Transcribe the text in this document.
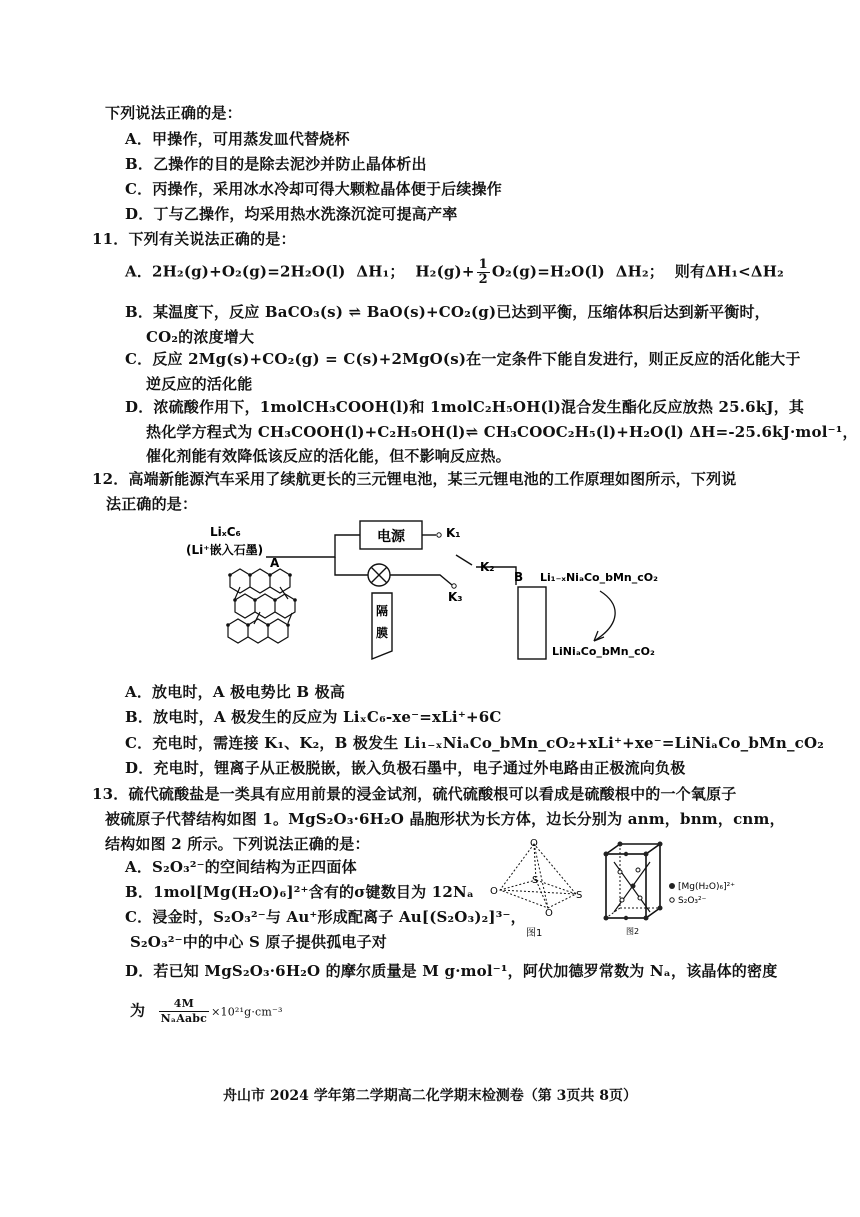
下列说法正确的是：
A．甲操作，可用蒸发皿代替烧杯
B．乙操作的目的是除去泥沙并防止晶体析出
C．丙操作，采用冰水冷却可得大颗粒晶体便于后续操作
D．丁与乙操作，均采用热水洗涤沉淀可提高产率
11．下列有关说法正确的是：
A．2H₂(g)+O₂(g)=2H₂O(l) ΔH₁； $H_2(g)+ \frac{1}{2} O_2(g)=H_2O(l)$ ΔH₂； 则有ΔH₁<ΔH₂
B．某温度下，反应 BaCO₃(s) ⇌ BaO(s)+CO₂(g)已达到平衡，压缩体积后达到新平衡时，
CO₂的浓度增大
C．反应 2Mg(s)+CO₂(g) = C(s)+2MgO(s)在一定条件下能自发进行，则正反应的活化能大于
逆反应的活化能
D．浓硫酸作用下，1molCH₃COOH(l)和 1molC₂H₅OH(l)混合发生酯化反应放热 25.6kJ，其
热化学方程式为 CH₃COOH(l)+C₂H₅OH(l)⇌ CH₃COOC₂H₅(l)+H₂O(l) ΔH=-25.6kJ·mol⁻¹，
催化剂能有效降低该反应的活化能，但不影响反应热。
12．高端新能源汽车采用了续航更长的三元锂电池，某三元锂电池的工作原理如图所示，下列说
法正确的是：
LiₓC₆
(Li⁺嵌入石墨)
A
电源	K₁
K₃
K₂
隔
膜
B Li₁₋ₓNiₐCo_bMn_cO₂
LiNiₐCo_bMn_cO₂
A．放电时，A 极电势比 B 极高
B．放电时，A 极发生的反应为 LiₓC₆-xe⁻=xLi⁺+6C
C．充电时，需连接 K₁、K₂，B 极发生 Li₁₋ₓNiₐCo_bMn_cO₂+xLi⁺+xe⁻=LiNiₐCo_bMn_cO₂
D．充电时，锂离子从正极脱嵌，嵌入负极石墨中，电子通过外电路由正极流向负极
13．硫代硫酸盐是一类具有应用前景的浸金试剂，硫代硫酸根可以看成是硫酸根中的一个氧原子
被硫原子代替结构如图 1。MgS₂O₃·6H₂O 晶胞形状为长方体，边长分别为 anm，bnm，cnm，
结构如图 2 所示。下列说法正确的是：
A．S₂O₃²⁻的空间结构为正四面体
B．1mol[Mg(H₂O)₆]²⁺含有的σ键数目为 12Nₐ
C．浸金时，S₂O₃²⁻与 Au⁺形成配离子 Au[(S₂O₃)₂]³⁻，
S₂O₃²⁻中的中心 S 原子提供孤电子对
D．若已知 MgS₂O₃·6H₂O 的摩尔质量是 M g·mol⁻¹，阿伏加德罗常数为 Nₐ，该晶体的密度
为 $\frac{4M}{\text{NₐAabc}} \times 10^{21}g\cdot cm^{-3}$
O
O	S
S
O
图1
[Mg(H₂O)₆]²⁺
S₂O₃²⁻
图2
舟山市 2024 学年第二学期高二化学期末检测卷（第 3页共 8页）
